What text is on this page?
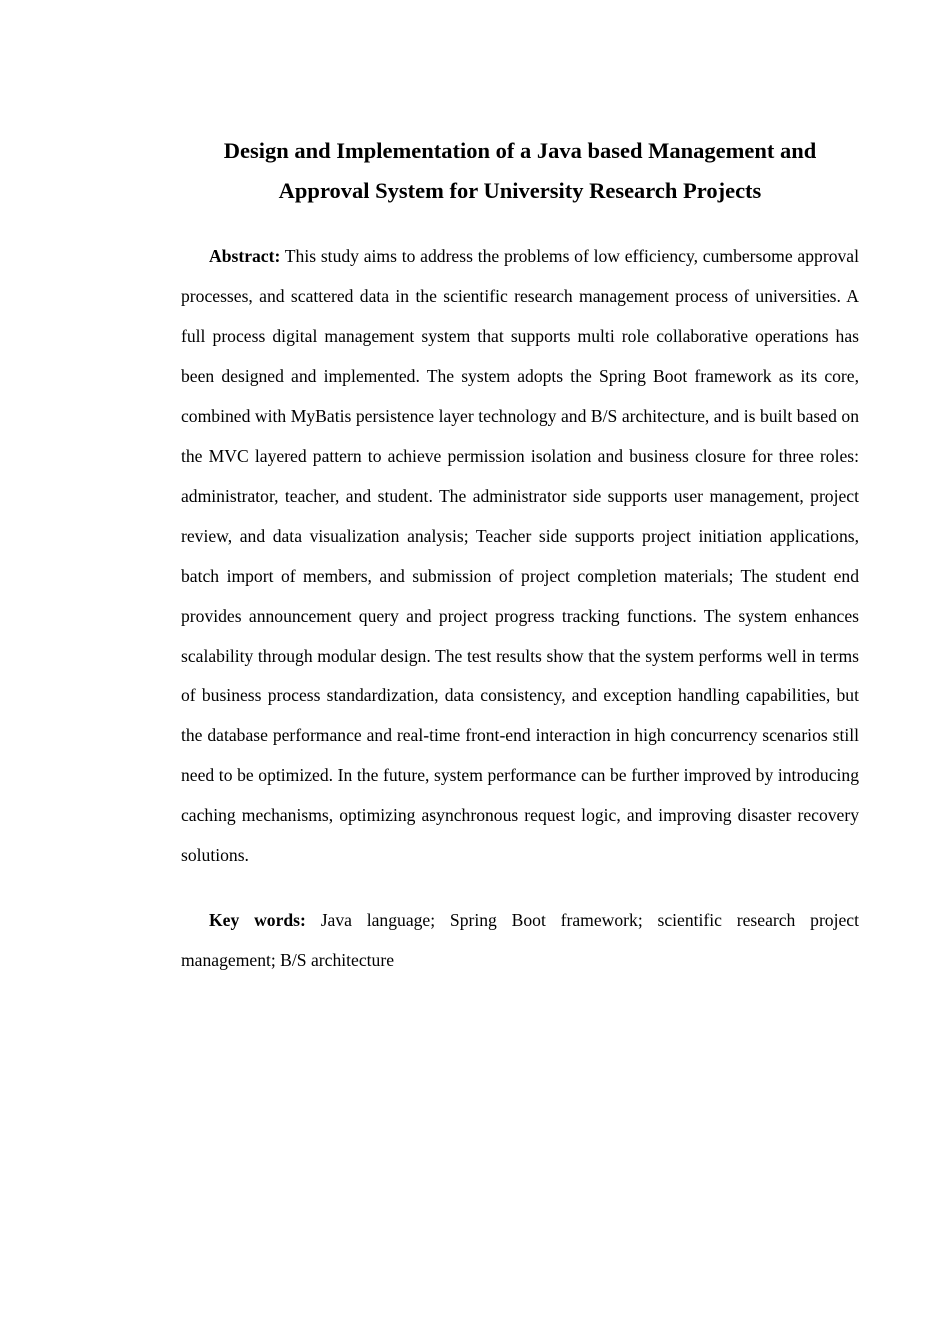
Design and Implementation of a Java based Management and
Approval System for University Research Projects

Abstract: This study aims to address the problems of low efficiency, cumbersome approval processes, and scattered data in the scientific research management process of universities. A full process digital management system that supports multi role collaborative operations has been designed and implemented. The system adopts the Spring Boot framework as its core, combined with MyBatis persistence layer technology and B/S architecture, and is built based on the MVC layered pattern to achieve permission isolation and business closure for three roles: administrator, teacher, and student. The administrator side supports user management, project review, and data visualization analysis; Teacher side supports project initiation applications, batch import of members, and submission of project completion materials; The student end provides announcement query and project progress tracking functions. The system enhances scalability through modular design. The test results show that the system performs well in terms of business process standardization, data consistency, and exception handling capabilities, but the database performance and real-time front-end interaction in high concurrency scenarios still need to be optimized. In the future, system performance can be further improved by introducing caching mechanisms, optimizing asynchronous request logic, and improving disaster recovery solutions.

Key words: Java language; Spring Boot framework; scientific research project management; B/S architecture
